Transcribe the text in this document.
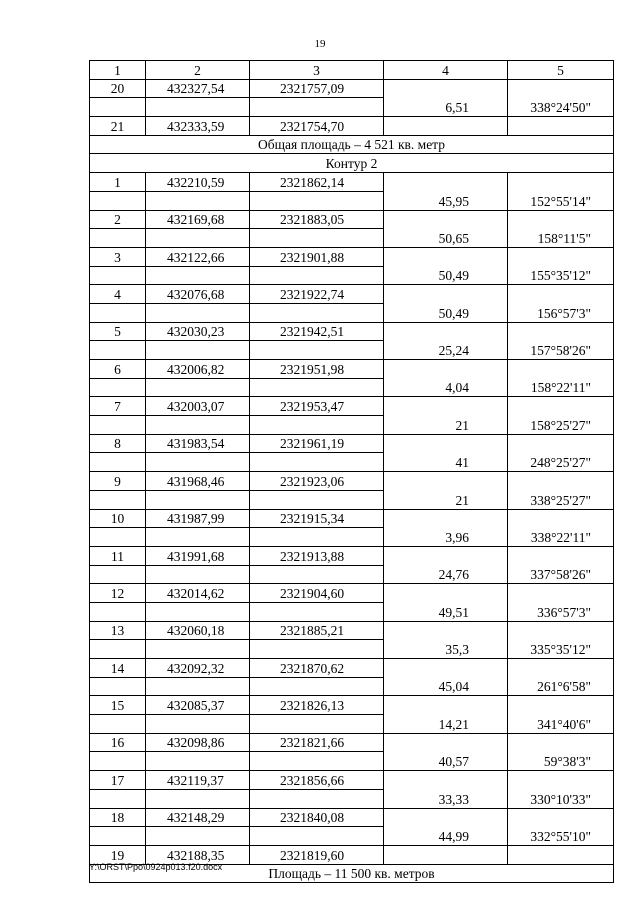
19
1	2	3	4	5
20	432327,54	2321757,09		
			6,51	338°24'50"
21	432333,59	2321754,70		
Общая площадь – 4 521 кв. метр				
Контур 2				
1	432210,59	2321862,14		
			45,95	152°55'14"
2	432169,68	2321883,05		
			50,65	158°11'5"
3	432122,66	2321901,88		
			50,49	155°35'12"
4	432076,68	2321922,74		
			50,49	156°57'3"
5	432030,23	2321942,51		
			25,24	157°58'26"
6	432006,82	2321951,98		
			4,04	158°22'11"
7	432003,07	2321953,47		
			21	158°25'27"
8	431983,54	2321961,19		
			41	248°25'27"
9	431968,46	2321923,06		
			21	338°25'27"
10	431987,99	2321915,34		
			3,96	338°22'11"
11	431991,68	2321913,88		
			24,76	337°58'26"
12	432014,62	2321904,60		
			49,51	336°57'3"
13	432060,18	2321885,21		
			35,3	335°35'12"
14	432092,32	2321870,62		
			45,04	261°6'58"
15	432085,37	2321826,13		
			14,21	341°40'6"
16	432098,86	2321821,66		
			40,57	59°38'3"
17	432119,37	2321856,66		
			33,33	330°10'33"
18	432148,29	2321840,08		
			44,99	332°55'10"
19	432188,35	2321819,60		
Площадь – 11 500 кв. метров				
Y:\ORST\Ppo\0924p013.f20.docx
